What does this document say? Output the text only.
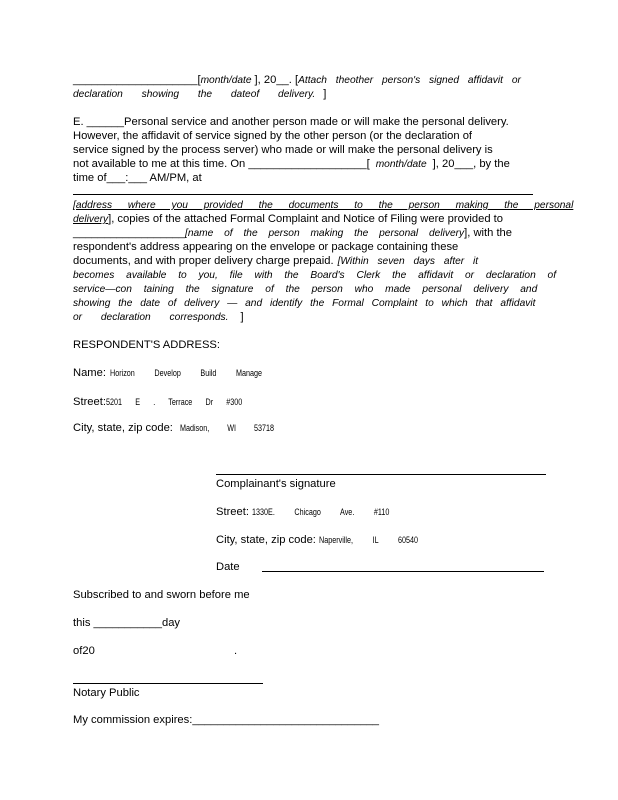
____________________[month/date ], 20__. [Attach theother person's signed affidavit or
declaration showing the dateof delivery. ]
E. ______Personal service and another person made or will make the personal delivery.
However, the affidavit of service signed by the other person (or the declaration of
service signed by the process server) who made or will make the personal delivery is
not available to me at this time. On ___________________[ month/date ], 20___, by the
time of___:___ AM/PM, at
[address where you provided the documents to the person making the personal
delivery], copies of the attached Formal Complaint and Notice of Filing were provided to
__________________[name of the person making the personal delivery], with the
respondent's address appearing on the envelope or package containing these
documents, and with proper delivery charge prepaid. [Within seven days after it
becomes available to you, file with the Board's Clerk the affidavit or declaration of
service—con taining the signature of the person who made personal delivery and
showing the date of delivery — and identify the Formal Complaint to which that affidavit
or declaration corresponds. ]
RESPONDENT'S ADDRESS:
Name: Horizon Develop Build Manage
Street:5201 E . Terrace Dr #300
City, state, zip code: Madison, WI 53718
Complainant's signature
Street: 1330E. Chicago Ave. #110
City, state, zip code: Naperville, IL 60540
Date
Subscribed to and sworn before me
this ___________day
of20	.
Notary Public
My commission expires:______________________________
